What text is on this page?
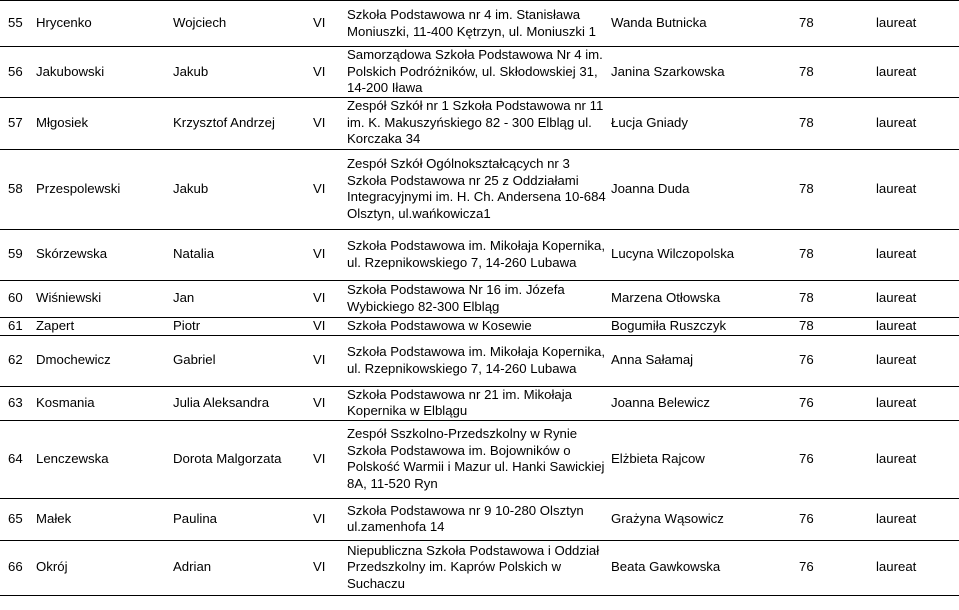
55	Hrycenko	Wojciech	VI	Szkoła Podstawowa nr 4 im. Stanisława Moniuszki, 11-400 Kętrzyn, ul. Moniuszki 1	Wanda Butnicka	78	laureat
56	Jakubowski	Jakub	VI	Samorządowa Szkoła Podstawowa Nr 4 im. Polskich Podróżników, ul. Skłodowskiej 31, 14-200 Iława	Janina Szarkowska	78	laureat
57	Młgosiek	Krzysztof Andrzej	VI	Zespół Szkół nr 1 Szkoła Podstawowa nr 11 im. K. Makuszyńskiego 82 - 300 Elbląg ul. Korczaka 34	Łucja Gniady	78	laureat
58	Przespolewski	Jakub	VI	Zespół Szkół Ogólnokształcących nr 3 Szkoła Podstawowa nr 25 z Oddziałami Integracyjnymi im. H. Ch. Andersena 10-684 Olsztyn, ul.wańkowicza1	Joanna Duda	78	laureat
59	Skórzewska	Natalia	VI	Szkoła Podstawowa im. Mikołaja Kopernika, ul. Rzepnikowskiego 7, 14-260 Lubawa	Lucyna Wilczopolska	78	laureat
60	Wiśniewski	Jan	VI	Szkoła Podstawowa Nr 16 im. Józefa Wybickiego 82-300 Elbląg	Marzena Otłowska	78	laureat
61	Zapert	Piotr	VI	Szkoła Podstawowa w Kosewie	Bogumiła Ruszczyk	78	laureat
62	Dmochewicz	Gabriel	VI	Szkoła Podstawowa im. Mikołaja Kopernika, ul. Rzepnikowskiego 7, 14-260 Lubawa	Anna Sałamaj	76	laureat
63	Kosmania	Julia Aleksandra	VI	Szkoła Podstawowa nr 21 im. Mikołaja Kopernika w Elblągu	Joanna Belewicz	76	laureat
64	Lenczewska	Dorota Malgorzata	VI	Zespół Sszkolno-Przedszkolny w Rynie Szkoła Podstawowa im. Bojowników o Polskość Warmii i Mazur ul. Hanki Sawickiej 8A, 11-520 Ryn	Elżbieta Rajcow	76	laureat
65	Małek	Paulina	VI	Szkoła Podstawowa nr 9 10-280 Olsztyn ul.zamenhofa 14	Grażyna Wąsowicz	76	laureat
66	Okrój	Adrian	VI	Niepubliczna Szkoła Podstawowa i Oddział Przedszkolny im. Kaprów Polskich w Suchaczu	Beata Gawkowska	76	laureat
